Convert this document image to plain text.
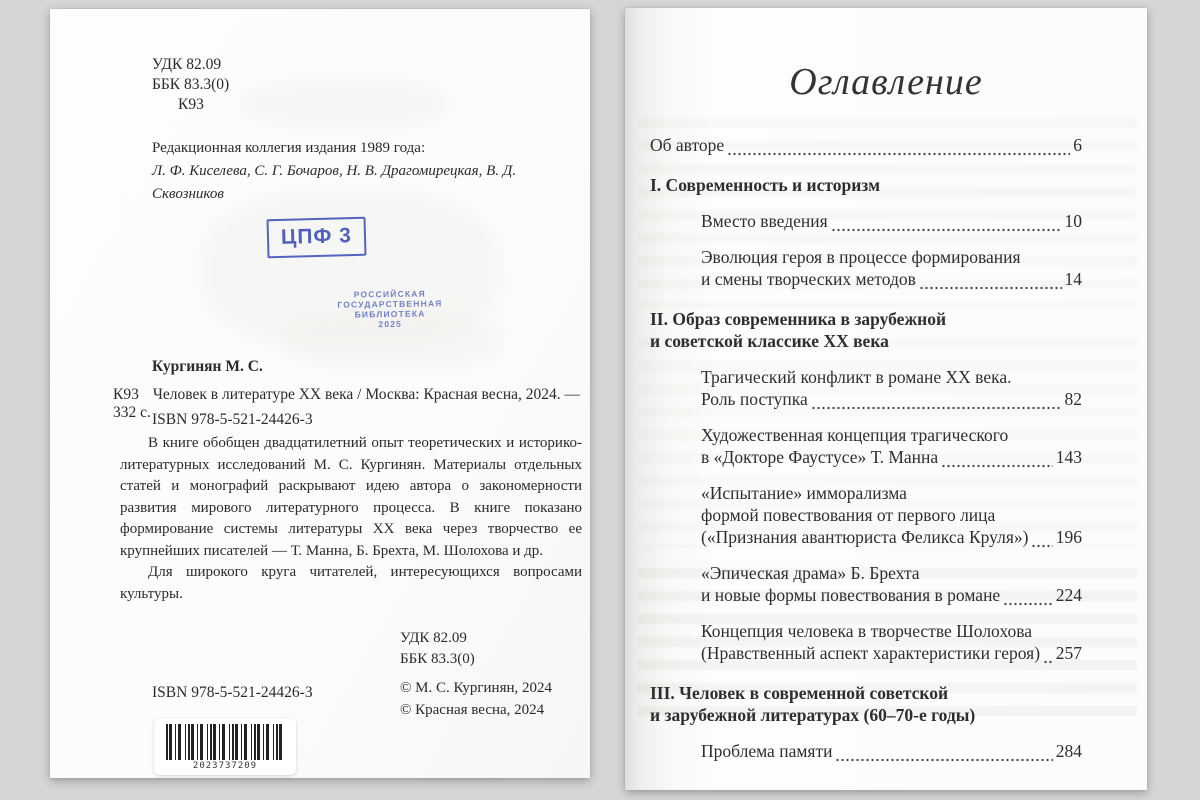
УДК 82.09
ББК 83.3(0)
К93
Редакционная коллегия издания 1989 года:
Л. Ф. Киселева, С. Г. Бочаров, Н. В. Драгомирецкая, В. Д. Сквозников
ЦПФ 3
РОССИЙСКАЯ
ГОСУДАРСТВЕННАЯ
БИБЛИОТЕКА
2025
Кургинян М. С.
К93 Человек в литературе XX века / Москва: Красная весна, 2024. — 332 с. ISBN 978-5-521-24426-3

В книге обобщен двадцатилетний опыт теоретических и историко-литературных исследований М. С. Кургинян. Материалы отдельных статей и монографий раскрывают идею автора о закономерности развития мирового литературного процесса. В книге показано формирование системы литературы XX века через творчество ее крупнейших писателей — Т. Манна, Б. Брехта, М. Шолохова и др.

Для широкого круга читателей, интересующихся вопросами культуры.

УДК 82.09
ББК 83.3(0)
© М. С. Кургинян, 2024
© Красная весна, 2024
ISBN 978-5-521-24426-3
2023737209
Оглавление
Об авторе	6
I. Современность и историзм
Вместо введения	10
Эволюция героя в процессе формирования
и смены творческих методов	14
II. Образ современника в зарубежной
и советской классике XX века
Трагический конфликт в романе XX века.
Роль поступка	82
Художественная концепция трагического
в «Докторе Фаустусе» Т. Манна	143
«Испытание» имморализма
формой повествования от первого лица
(«Признания авантюриста Феликса Круля») 196
«Эпическая драма» Б. Брехта
и новые формы повествования в романе	224
Концепция человека в творчестве Шолохова
(Нравственный аспект характеристики героя) 257
III. Человек в современной советской
и зарубежной литературах (60–70-е годы)
Проблема памяти	284
